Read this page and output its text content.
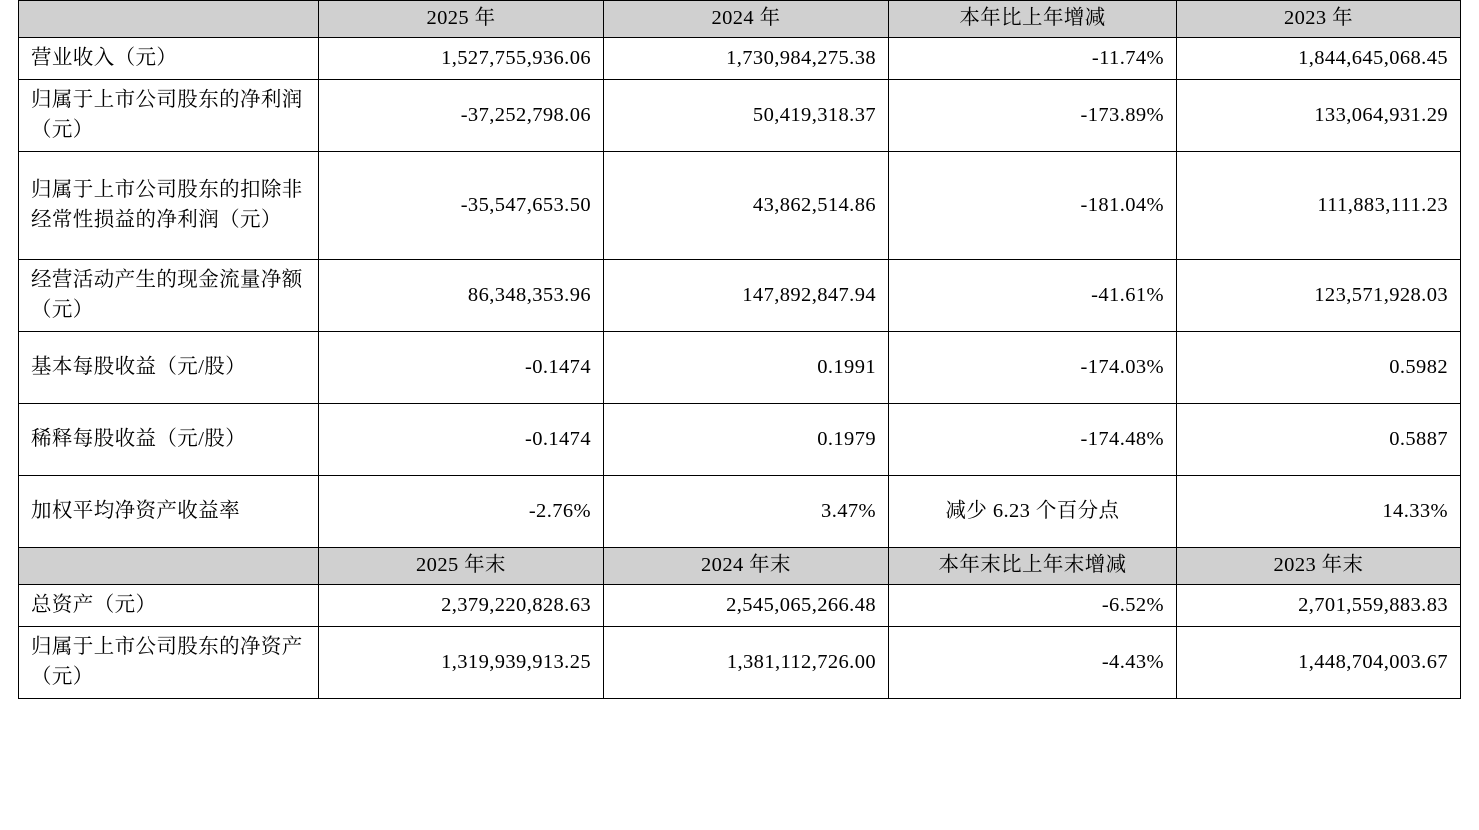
	2025 年	2024 年	本年比上年增减	2023 年
营业收入（元）	1,527,755,936.06	1,730,984,275.38	-11.74%	1,844,645,068.45
归属于上市公司股东的净利润（元）	-37,252,798.06	50,419,318.37	-173.89%	133,064,931.29
归属于上市公司股东的扣除非经常性损益的净利润（元）	-35,547,653.50	43,862,514.86	-181.04%	111,883,111.23
经营活动产生的现金流量净额（元）	86,348,353.96	147,892,847.94	-41.61%	123,571,928.03
基本每股收益（元/股）	-0.1474	0.1991	-174.03%	0.5982
稀释每股收益（元/股）	-0.1474	0.1979	-174.48%	0.5887
加权平均净资产收益率	-2.76%	3.47%	减少 6.23 个百分点	14.33%
	2025 年末	2024 年末	本年末比上年末增减	2023 年末
总资产（元）	2,379,220,828.63	2,545,065,266.48	-6.52%	2,701,559,883.83
归属于上市公司股东的净资产（元）	1,319,939,913.25	1,381,112,726.00	-4.43%	1,448,704,003.67
